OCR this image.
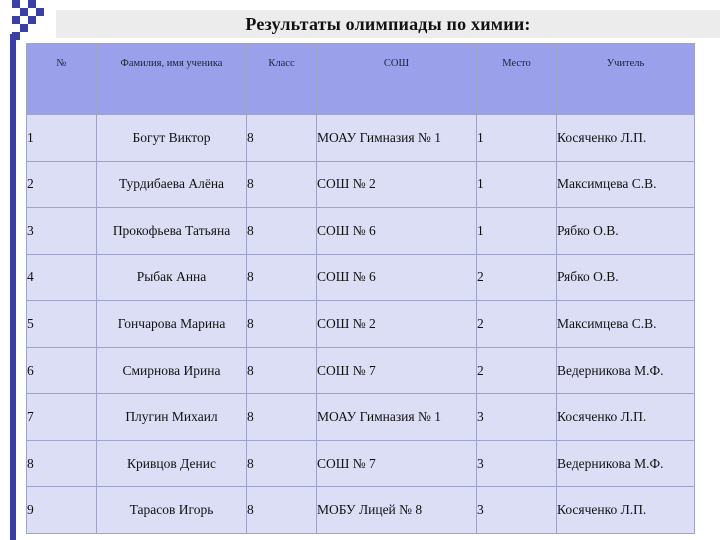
Результаты олимпиады по химии:
№	Фамилия, имя ученика	Класс	СОШ	Место	Учитель
1	Богут Виктор	8	МОАУ Гимназия № 1	1	Косяченко Л.П.
2	Турдибаева Алёна	8	СОШ № 2	1	Максимцева С.В.
3	Прокофьева Татьяна	8	СОШ № 6	1	Рябко О.В.
4	Рыбак Анна	8	СОШ № 6	2	Рябко О.В.
5	Гончарова Марина	8	СОШ № 2	2	Максимцева С.В.
6	Смирнова Ирина	8	СОШ № 7	2	Ведерникова М.Ф.
7	Плугин Михаил	8	МОАУ Гимназия № 1	3	Косяченко Л.П.
8	Кривцов Денис	8	СОШ № 7	3	Ведерникова М.Ф.
9	Тарасов Игорь	8	МОБУ Лицей № 8	3	Косяченко Л.П.
